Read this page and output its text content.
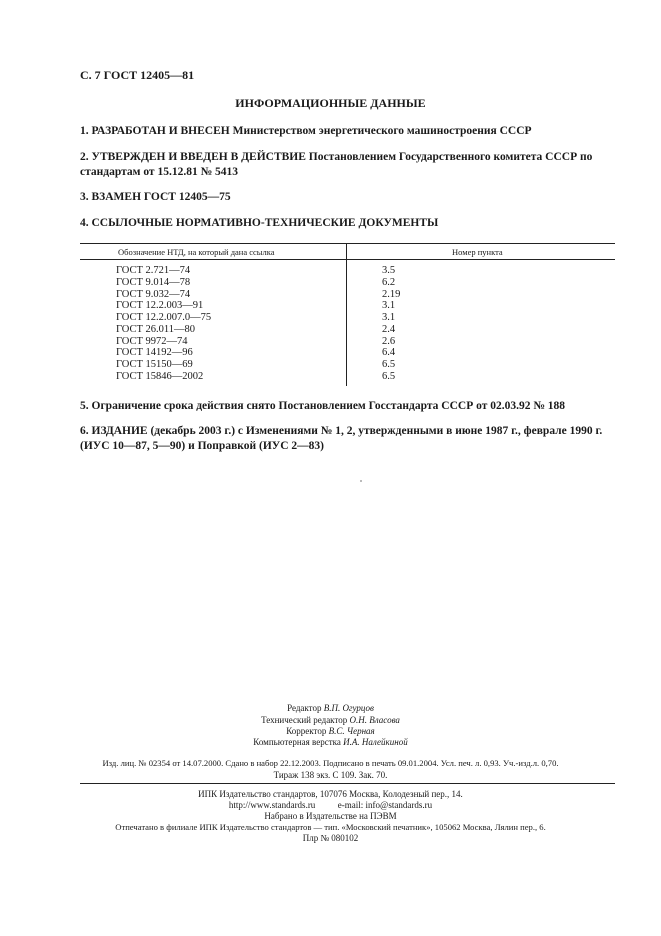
С. 7 ГОСТ 12405—81
ИНФОРМАЦИОННЫЕ ДАННЫЕ
1. РАЗРАБОТАН И ВНЕСЕН Министерством энергетического машиностроения СССР
2. УТВЕРЖДЕН И ВВЕДЕН В ДЕЙСТВИЕ Постановлением Государственного комитета СССР по стандартам от 15.12.81 № 5413
3. ВЗАМЕН ГОСТ 12405—75
4. ССЫЛОЧНЫЕ НОРМАТИВНО-ТЕХНИЧЕСКИЕ ДОКУМЕНТЫ
Обозначение НТД, на который дана ссылка	Номер пункта
ГОСТ 2.721—74	3.5
ГОСТ 9.014—78	6.2
ГОСТ 9.032—74	2.19
ГОСТ 12.2.003—91	3.1
ГОСТ 12.2.007.0—75	3.1
ГОСТ 26.011—80	2.4
ГОСТ 9972—74	2.6
ГОСТ 14192—96	6.4
ГОСТ 15150—69	6.5
ГОСТ 15846—2002	6.5
5. Ограничение срока действия снято Постановлением Госстандарта СССР от 02.03.92 № 188
6. ИЗДАНИЕ (декабрь 2003 г.) с Изменениями № 1, 2, утвержденными в июне 1987 г., феврале 1990 г. (ИУС 10—87, 5—90) и Поправкой (ИУС 2—83)
Редактор В.П. Огурцов
Технический редактор О.Н. Власова
Корректор В.С. Черная
Компьютерная верстка И.А. Налейкиной
Изд. лиц. № 02354 от 14.07.2000. Сдано в набор 22.12.2003. Подписано в печать 09.01.2004. Усл. печ. л. 0,93. Уч.-изд.л. 0,70.
Тираж 138 экз. С 109. Зак. 70.
ИПК Издательство стандартов, 107076 Москва, Колодезный пер., 14.
http://www.standards.ru          e-mail: info@standards.ru
Набрано в Издательстве на ПЭВМ
Отпечатано в филиале ИПК Издательство стандартов — тип. «Московский печатник», 105062 Москва, Лялин пер., 6.
Плр № 080102
